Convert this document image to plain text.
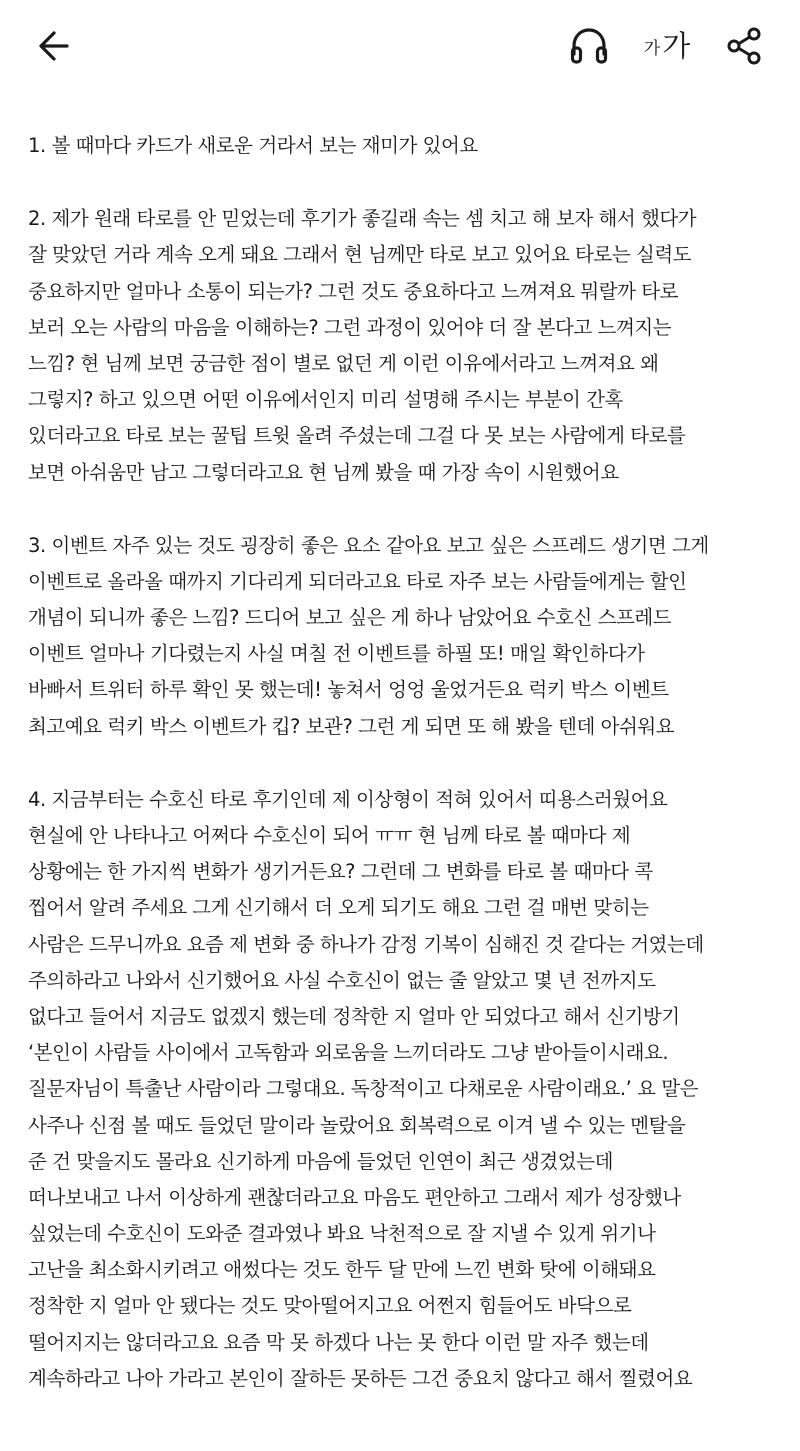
가 가
1. 볼 때마다 카드가 새로운 거라서 보는 재미가 있어요
2. 제가 원래 타로를 안 믿었는데 후기가 좋길래 속는 셈 치고 해 보자 해서 했다가
잘 맞았던 거라 계속 오게 돼요 그래서 현 님께만 타로 보고 있어요 타로는 실력도
중요하지만 얼마나 소통이 되는가? 그런 것도 중요하다고 느껴져요 뭐랄까 타로
보러 오는 사람의 마음을 이해하는? 그런 과정이 있어야 더 잘 본다고 느껴지는
느낌? 현 님께 보면 궁금한 점이 별로 없던 게 이런 이유에서라고 느껴져요 왜
그렇지? 하고 있으면 어떤 이유에서인지 미리 설명해 주시는 부분이 간혹
있더라고요 타로 보는 꿀팁 트윗 올려 주셨는데 그걸 다 못 보는 사람에게 타로를
보면 아쉬움만 남고 그렇더라고요 현 님께 봤을 때 가장 속이 시원했어요
3. 이벤트 자주 있는 것도 굉장히 좋은 요소 같아요 보고 싶은 스프레드 생기면 그게
이벤트로 올라올 때까지 기다리게 되더라고요 타로 자주 보는 사람들에게는 할인
개념이 되니까 좋은 느낌? 드디어 보고 싶은 게 하나 남았어요 수호신 스프레드
이벤트 얼마나 기다렸는지 사실 며칠 전 이벤트를 하필 또! 매일 확인하다가
바빠서 트위터 하루 확인 못 했는데! 놓쳐서 엉엉 울었거든요 럭키 박스 이벤트
최고예요 럭키 박스 이벤트가 킵? 보관? 그런 게 되면 또 해 봤을 텐데 아쉬워요
4. 지금부터는 수호신 타로 후기인데 제 이상형이 적혀 있어서 띠용스러웠어요
현실에 안 나타나고 어쩌다 수호신이 되어 ㅠㅠ 현 님께 타로 볼 때마다 제
상황에는 한 가지씩 변화가 생기거든요? 그런데 그 변화를 타로 볼 때마다 콕
찝어서 알려 주세요 그게 신기해서 더 오게 되기도 해요 그런 걸 매번 맞히는
사람은 드무니까요 요즘 제 변화 중 하나가 감정 기복이 심해진 것 같다는 거였는데
주의하라고 나와서 신기했어요 사실 수호신이 없는 줄 알았고 몇 년 전까지도
없다고 들어서 지금도 없겠지 했는데 정착한 지 얼마 안 되었다고 해서 신기방기
‘본인이 사람들 사이에서 고독함과 외로움을 느끼더라도 그냥 받아들이시래요.
질문자님이 특출난 사람이라 그렇대요. 독창적이고 다채로운 사람이래요.’ 요 말은
사주나 신점 볼 때도 들었던 말이라 놀랐어요 회복력으로 이겨 낼 수 있는 멘탈을
준 건 맞을지도 몰라요 신기하게 마음에 들었던 인연이 최근 생겼었는데
떠나보내고 나서 이상하게 괜찮더라고요 마음도 편안하고 그래서 제가 성장했나
싶었는데 수호신이 도와준 결과였나 봐요 낙천적으로 잘 지낼 수 있게 위기나
고난을 최소화시키려고 애썼다는 것도 한두 달 만에 느낀 변화 탓에 이해돼요
정착한 지 얼마 안 됐다는 것도 맞아떨어지고요 어쩐지 힘들어도 바닥으로
떨어지지는 않더라고요 요즘 막 못 하겠다 나는 못 한다 이런 말 자주 했는데
계속하라고 나아 가라고 본인이 잘하든 못하든 그건 중요치 않다고 해서 찔렸어요
